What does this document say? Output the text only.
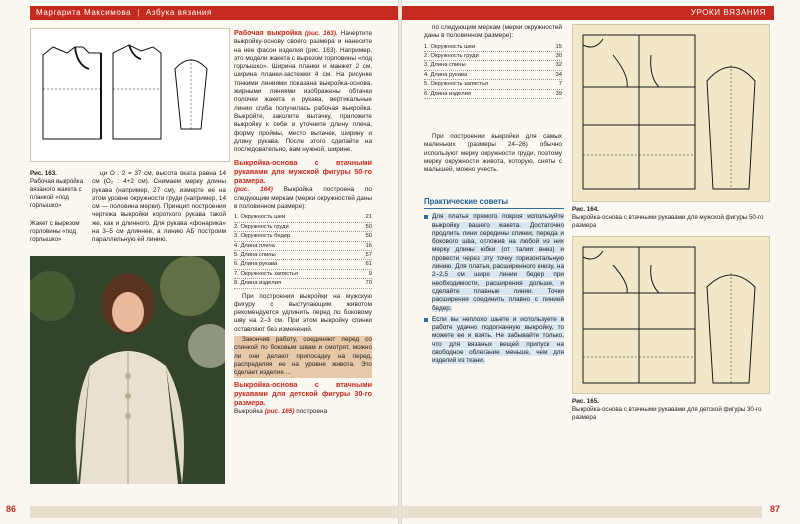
Маргарита Максимова | Азбука вязания
Рис. 163.
Рабочая выкройка вязаного жакета с планкой «под горлышко»
Жакет с вырезом горловины «под горлышко»

ци О : 2 = 37 см, высота оката равна 14 см (О₂ : 4+2 см). Снимаем мерку длины рукава (например, 27 см), измерте ее на этом уровне окружности груди (например, 14 см — половина мерки). Принцип построения чертежа выкройки короткого рукава такой же, как и длинного. Для рукава «фонарика» на 3–5 см длиннее, а линию АБ построим параллельную ей линию.

Рабочая выкройка (рис. 163). Начертите выкройку-основу своего размера и нанесите на нее фасон изделия (рис. 163). Например, это модели жакета с вырезом горловины «под горлышко». Ширина планки и манжет 2 см, ширина планки-застежки 4 см. На рисунке тонкими линиями показана выкройка-основа, жирными линиями изображены обтачки полочки жакета и рукава, вертикальные линии сгиба получилась рабочая выкройка. Выкройте, заколите вытачку, приложите выкройку к себе и уточните длину плеча, форму проймы, место вытачек, ширину и длину рукава. После этого сделайте на последовательно, вам нужной, ширине.
Выкройка-основа с втачными рукавами для мужской фигуры 50-го размера.
(рис. 164) Выкройка построена по следующим меркам (мерки окружностей даны в половинном размере):
1. Окружность шеи	21
2. Окружность груди	50
3. Окружность бедер	50
4. Длина плеча	16
5. Длина спины	57
6. Длина рукава	61
7. Окружность запястья	9
8. Длина изделия	70

При построении выкройки на мужскую фигуру с выступающим животом рекомендуется удлинить перед по боковому шву на 2–3 см. При этом выкройку спинки оставляют без изменений.

Закончив работу, соединяют перед со спинкой по боковым швам и смотрят, можно ли они делают припосадку на перед, распределяя ее на уровне живота. Это сделает изделие ...

Выкройка-основа с втачными рукавами для детской фигуры 30-го размера.
Выкройка (рис. 165) построена
86
УРОКИ ВЯЗАНИЯ

по следующим меркам (мерки окружностей даны в половинном размере):

1. Окружность шеи	15
2. Окружность груди	30
3. Длина спины	32
4. Длина рукава	34
5. Окружность запястья	7
6. Длина изделия	39

При построении выкройки для самых маленьких (размеры 24–26) обычно используют мерку окружности груди, поэтому мерку окружности живота, которую, сняты с малышей, можно учесть.

Практические советы
Для платья прямого покроя используйте выкройку вашего жакета. Достаточно продлить лини середины спинки, переда и бокового шва, отложив на любой из них мерку длины юбки (от талии вниз) и провести через эту точку горизонтальную линию. Для платья, расширенного книзу, на 2–2,5 см шире линии бедер при необходимости, расширения дольше, и сделайте плавные линии. Точки расширения соединить плавно с линией бедер.
Если вы неплохо шьете и используете в работе удачно подогнанную выкройку, то можете ее и взять. Не забывайте только, что для вязаных вещей припуск на свободное облегание меньше, чем для изделий из ткани.
Рис. 164.
Выкройка-основа с втачными рукавами для мужской фигуры 50-го размера
Рис. 165.
Выкройка-основа с втачными рукавами для детской фигуры 30-го размера
87
